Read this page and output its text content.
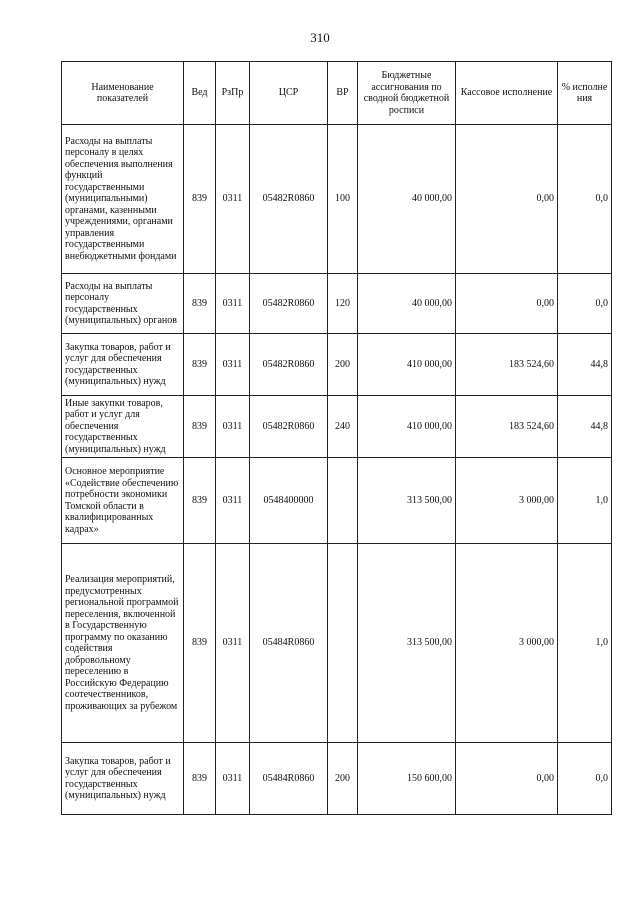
310
Наименование показателей	Вед	РзПр	ЦСР	ВР	Бюджетные ассигнования по сводной бюджетной росписи	Кассовое исполнение	% исполне ния
Расходы на выплаты персоналу в целях обеспечения выполнения функций государственными (муниципальными) органами, казенными учреждениями, органами управления государственными внебюджетными фондами	839	0311	05482R0860	100	40 000,00	0,00	0,0
Расходы на выплаты персоналу государственных (муниципальных) органов	839	0311	05482R0860	120	40 000,00	0,00	0,0
Закупка товаров, работ и услуг для обеспечения государственных (муниципальных) нужд	839	0311	05482R0860	200	410 000,00	183 524,60	44,8
Иные закупки товаров, работ и услуг для обеспечения государственных (муниципальных) нужд	839	0311	05482R0860	240	410 000,00	183 524,60	44,8
Основное мероприятие «Содействие обеспечению потребности экономики Томской области в квалифицированных кадрах»	839	0311	0548400000		313 500,00	3 000,00	1,0
Реализация мероприятий, предусмотренных региональной программой переселения, включенной в Государственную программу по оказанию содействия добровольному переселению в Российскую Федерацию соотечественников, проживающих за рубежом	839	0311	05484R0860		313 500,00	3 000,00	1,0
Закупка товаров, работ и услуг для обеспечения государственных (муниципальных) нужд	839	0311	05484R0860	200	150 600,00	0,00	0,0
